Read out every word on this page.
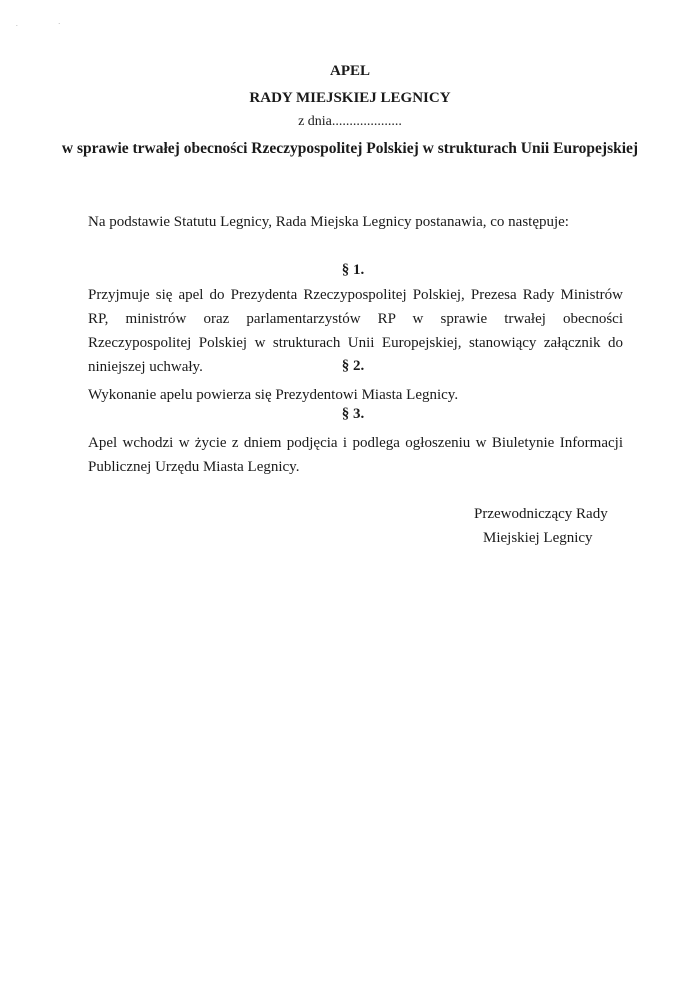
.	·
APEL
RADY MIEJSKIEJ LEGNICY
z dnia....................
w sprawie trwałej obecności Rzeczypospolitej Polskiej w strukturach Unii Europejskiej
Na podstawie Statutu Legnicy, Rada Miejska Legnicy postanawia, co następuje:
§ 1.
Przyjmuje się apel do Prezydenta Rzeczypospolitej Polskiej, Prezesa Rady Ministrów RP, ministrów oraz parlamentarzystów RP w sprawie trwałej obecności Rzeczypospolitej Polskiej w strukturach Unii Europejskiej, stanowiący załącznik do niniejszej uchwały.	§ 2.
Wykonanie apelu powierza się Prezydentowi Miasta Legnicy.
§ 3.
Apel wchodzi w życie z dniem podjęcia i podlega ogłoszeniu w Biuletynie Informacji Publicznej Urzędu Miasta Legnicy.
Przewodniczący Rady
Miejskiej Legnicy
